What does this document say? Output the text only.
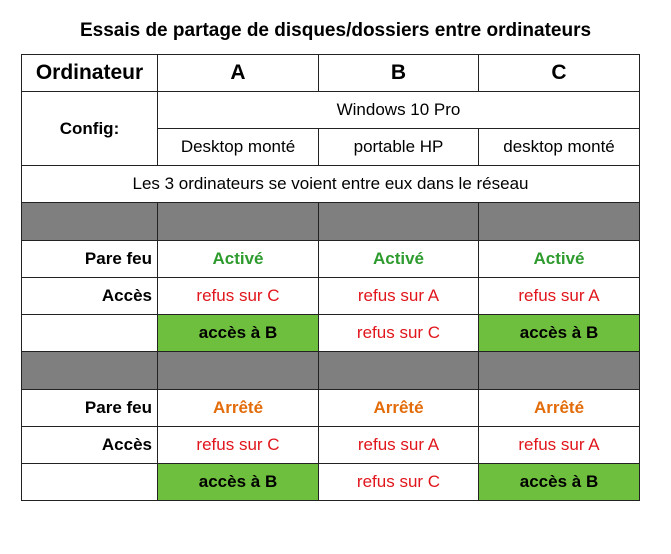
Essais de partage de disques/dossiers entre ordinateurs
Ordinateur	A	B	C
Config:	Windows 10 Pro		
	Desktop monté	portable HP	desktop monté
Les 3 ordinateurs se voient entre eux dans le réseau			

Pare feu	Activé	Activé	Activé
Accès	refus sur C	refus sur A	refus sur A
	accès à B	refus sur C	accès à B

Pare feu	Arrêté	Arrêté	Arrêté
Accès	refus sur C	refus sur A	refus sur A
	accès à B	refus sur C	accès à B
